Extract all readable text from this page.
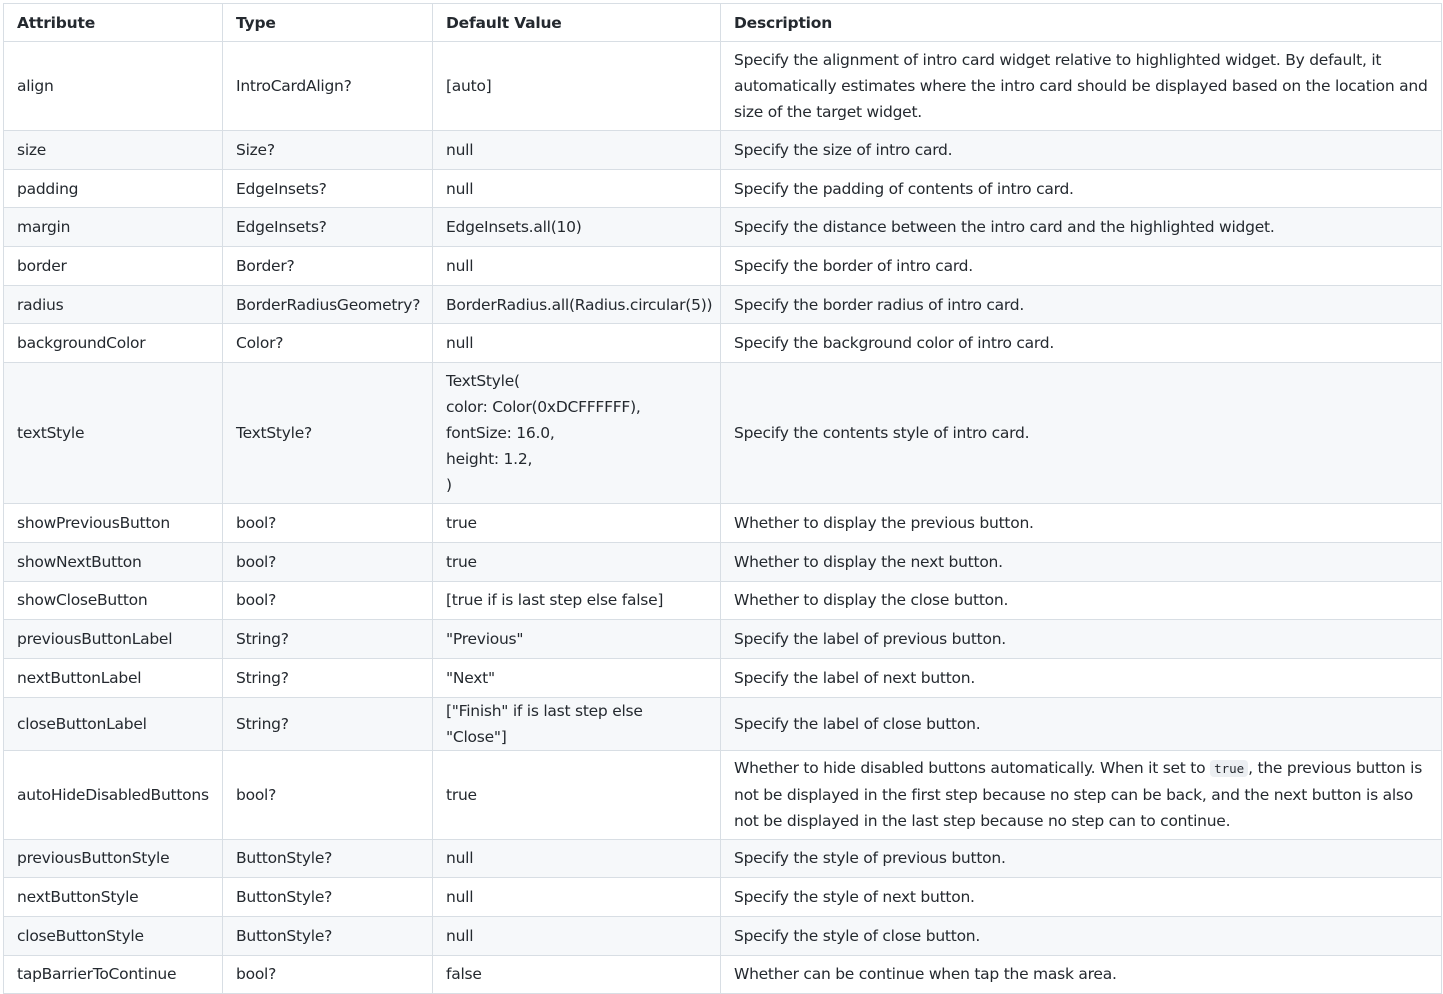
Attribute	Type	Default Value	Description
align	IntroCardAlign?	[auto]	Specify the alignment of intro card widget relative to highlighted widget. By default, it automatically estimates where the intro card should be displayed based on the location and size of the target widget.
size	Size?	null	Specify the size of intro card.
padding	EdgeInsets?	null	Specify the padding of contents of intro card.
margin	EdgeInsets?	EdgeInsets.all(10)	Specify the distance between the intro card and the highlighted widget.
border	Border?	null	Specify the border of intro card.
radius	BorderRadiusGeometry?	BorderRadius.all(Radius.circular(5))	Specify the border radius of intro card.
backgroundColor	Color?	null	Specify the background color of intro card.
textStyle	TextStyle?	TextStyle(
color: Color(0xDCFFFFFF),
fontSize: 16.0,
height: 1.2,
)	Specify the contents style of intro card.
showPreviousButton	bool?	true	Whether to display the previous button.
showNextButton	bool?	true	Whether to display the next button.
showCloseButton	bool?	[true if is last step else false]	Whether to display the close button.
previousButtonLabel	String?	"Previous"	Specify the label of previous button.
nextButtonLabel	String?	"Next"	Specify the label of next button.
closeButtonLabel	String?	["Finish" if is last step else "Close"]	Specify the label of close button.
autoHideDisabledButtons	bool?	true	Whether to hide disabled buttons automatically. When it set to true , the previous button is not be displayed in the first step because no step can be back, and the next button is also not be displayed in the last step because no step can to continue.
previousButtonStyle	ButtonStyle?	null	Specify the style of previous button.
nextButtonStyle	ButtonStyle?	null	Specify the style of next button.
closeButtonStyle	ButtonStyle?	null	Specify the style of close button.
tapBarrierToContinue	bool?	false	Whether can be continue when tap the mask area.
